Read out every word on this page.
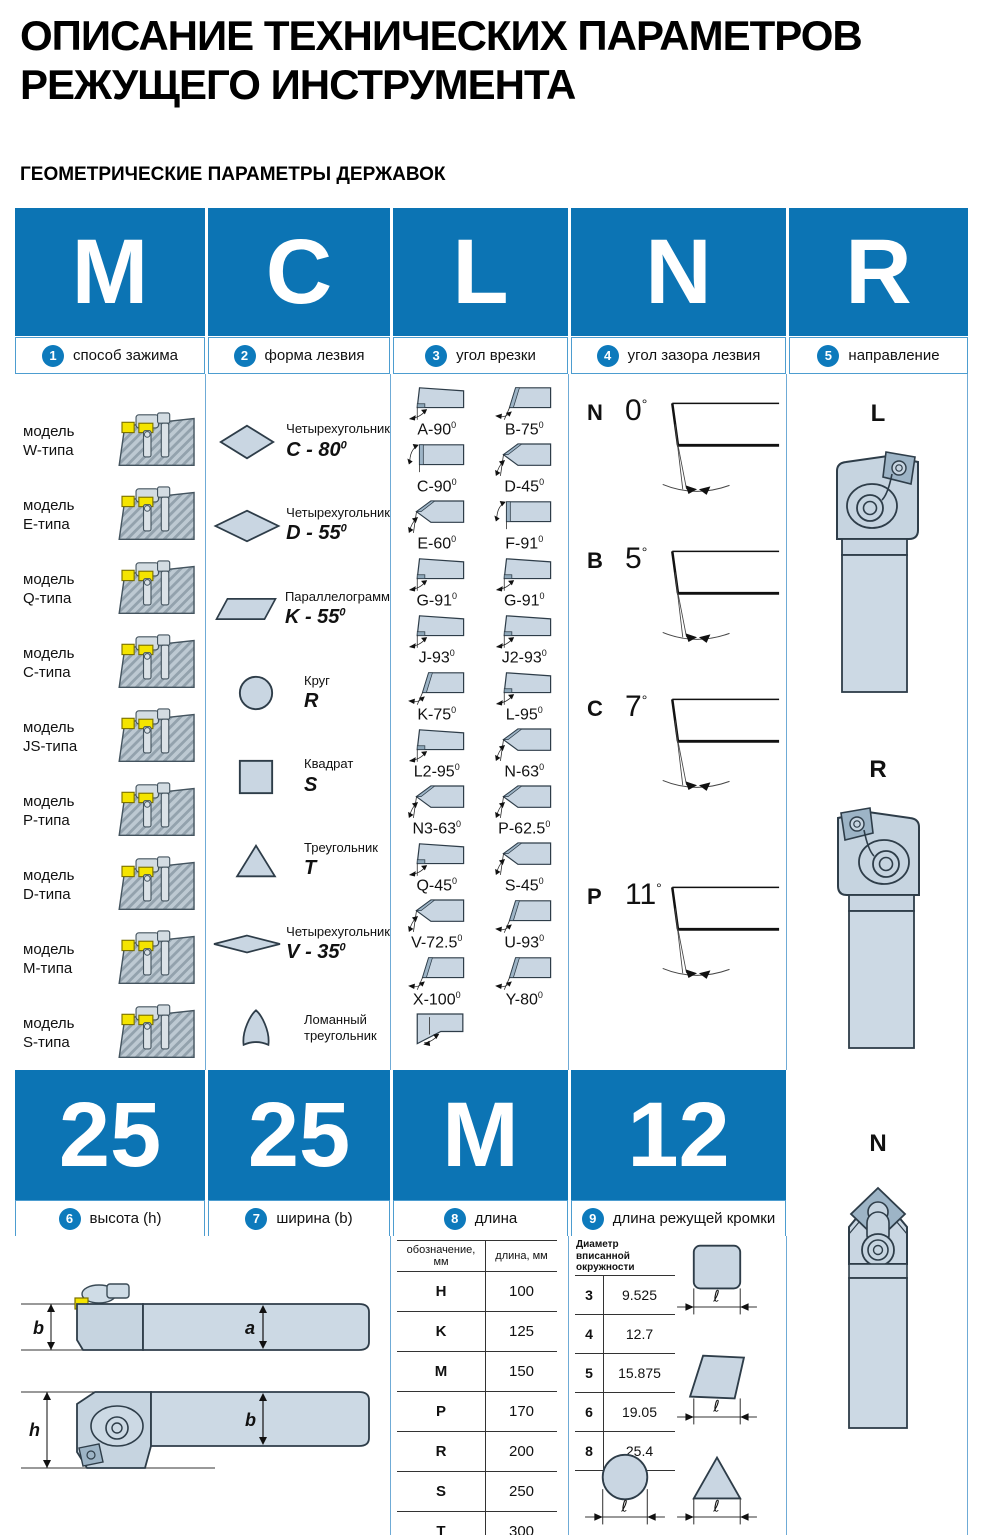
ОПИСАНИЕ ТЕХНИЧЕСКИХ ПАРАМЕТРОВ
РЕЖУЩЕГО ИНСТРУМЕНТА
ГЕОМЕТРИЧЕСКИЕ ПАРАМЕТРЫ ДЕРЖАВОК
M	C	L	N	R
1	способ зажима	2	форма лезвия	3	угол врезки	4	угол зазора лезвия	5	направление
модель
W-типа
модель
E-типа
модель
Q-типа
модель
C-типа
модель
JS-типа
модель
P-типа
модель
D-типа
модель
M-типа
модель
S-типа
Четырехугольник
C - $80^0$
Четырехугольник
D - $55^0$
Параллелограмм
K - $55^0$
Круг
R
Квадрат
S
Треугольник
T
Четырехугольник
V - $35^0$
Ломанный
треугольник
$A-90^0$	$B-75^0$
$C-90^0$	$D-45^0$
$E-60^0$	$F-91^0$
$G-91^0$	$G-91^0$
$J-93^0$	$J2-93^0$
$K-75^0$	$L-95^0$
$L2-95^0$	$N-63^0$
$N3-63^0$ P-62.5$^0$
$Q-45^0$	$S-45^0$
V-72.5$^0$	$U-93^0$
$X-100^0$	$Y-80^0$
N 0°
B 5°
C 7°
P 11°
L
R
N
25 25	M	12
6	высота (h)	7	ширина (b)	8	длина	9	длина режущей кромки
b	a
h	b
обозначение, мм	длина, мм
H	100
K	125
M	150
P	170
R	200
S	250
T	300
Диаметр вписанной окружности	
3	9.525
4	12.7
5	15.875
6	19.05
8	25.4
ℓ
ℓ
ℓ	ℓ
